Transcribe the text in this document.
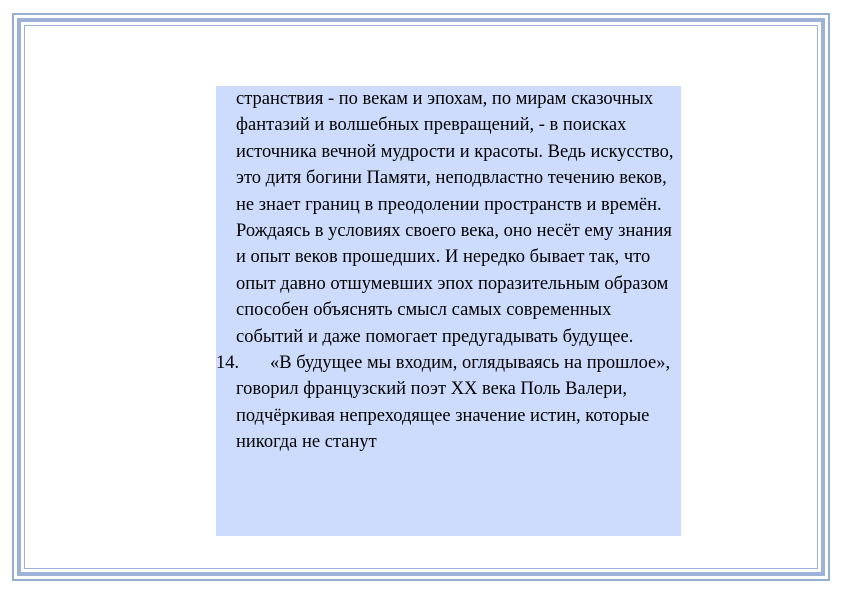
странствия - по векам и эпохам, по мирам сказочных фантазий и волшебных превращений, - в поисках источника вечной мудрости и красоты. Ведь искусство, это дитя богини Памяти, неподвластно течению веков, не знает границ в преодолении пространств и времён. Рождаясь в условиях своего века, оно несёт ему знания и опыт веков прошедших. И нередко бывает так, что опыт давно отшумевших эпох поразительным образом способен объяснять смысл самых современных событий и даже помогает предугадывать будущее.

14. «В будущее мы входим, оглядываясь на прошлое», говорил французский поэт XX века Поль Валери, подчёркивая непреходящее значение истин, которые никогда не станут
